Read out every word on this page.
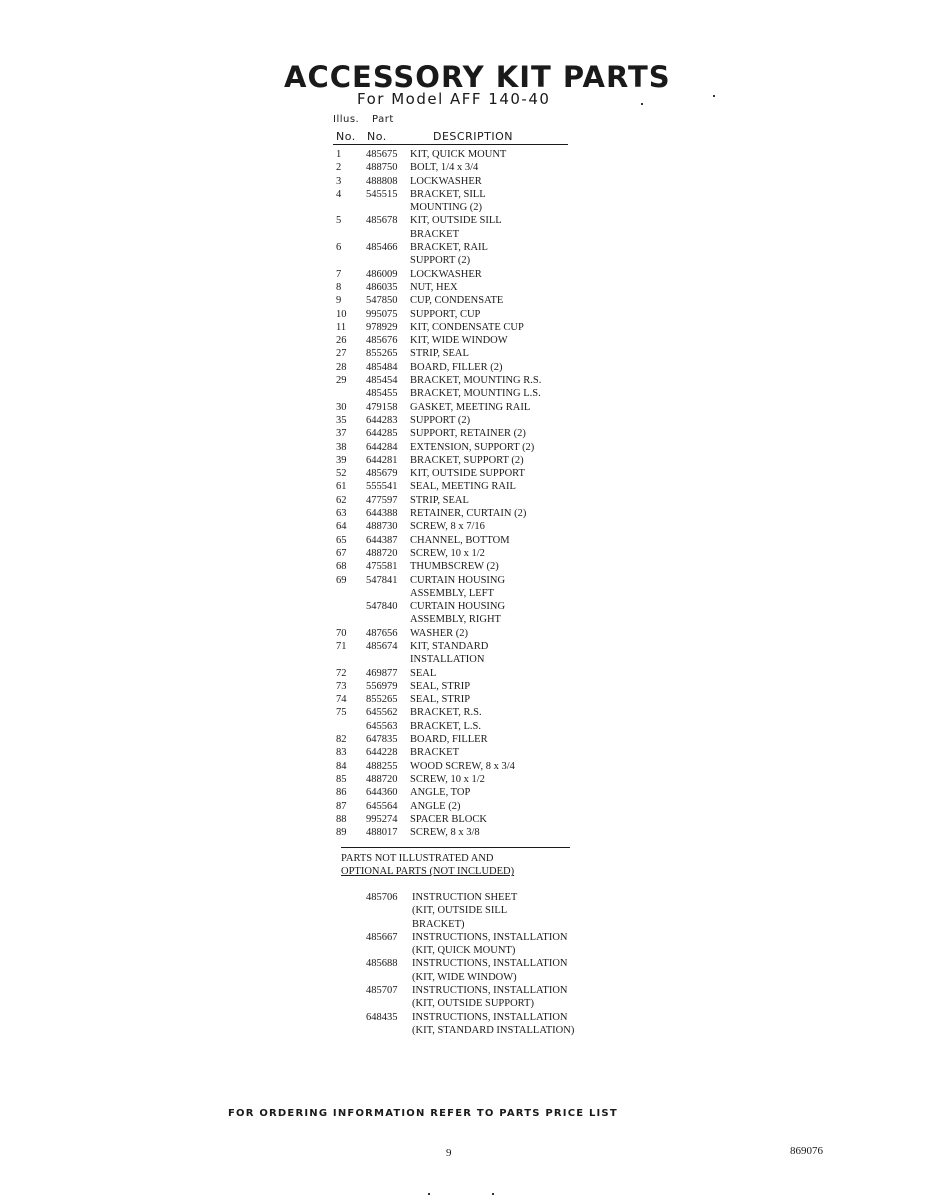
ACCESSORY KIT PARTS
For Model AFF 140-40
Illus. Part
No. No.	DESCRIPTION
1	485675	KIT, QUICK MOUNT
2	488750	BOLT, 1/4 x 3/4
3	488808	LOCKWASHER
4	545515	BRACKET, SILL
MOUNTING (2)
5	485678	KIT, OUTSIDE SILL
BRACKET
6	485466	BRACKET, RAIL
SUPPORT (2)
7	486009	LOCKWASHER
8	486035	NUT, HEX
9	547850	CUP, CONDENSATE
10	995075	SUPPORT, CUP
11	978929	KIT, CONDENSATE CUP
26	485676	KIT, WIDE WINDOW
27	855265	STRIP, SEAL
28	485484	BOARD, FILLER (2)
29	485454	BRACKET, MOUNTING R.S.
485455	BRACKET, MOUNTING L.S.
30	479158	GASKET, MEETING RAIL
35	644283	SUPPORT (2)
37	644285	SUPPORT, RETAINER (2)
38	644284	EXTENSION, SUPPORT (2)
39	644281	BRACKET, SUPPORT (2)
52	485679	KIT, OUTSIDE SUPPORT
61	555541	SEAL, MEETING RAIL
62	477597	STRIP, SEAL
63	644388	RETAINER, CURTAIN (2)
64	488730	SCREW, 8 x 7/16
65	644387	CHANNEL, BOTTOM
67	488720	SCREW, 10 x 1/2
68	475581	THUMBSCREW (2)
69	547841	CURTAIN HOUSING
ASSEMBLY, LEFT
547840	CURTAIN HOUSING
ASSEMBLY, RIGHT
70	487656	WASHER (2)
71	485674	KIT, STANDARD
INSTALLATION
72	469877	SEAL
73	556979	SEAL, STRIP
74	855265	SEAL, STRIP
75	645562	BRACKET, R.S.
645563	BRACKET, L.S.
82	647835	BOARD, FILLER
83	644228	BRACKET
84	488255	WOOD SCREW, 8 x 3/4
85	488720	SCREW, 10 x 1/2
86	644360	ANGLE, TOP
87	645564	ANGLE (2)
88	995274	SPACER BLOCK
89	488017	SCREW, 8 x 3/8
PARTS NOT ILLUSTRATED AND
OPTIONAL PARTS (NOT INCLUDED)
485706	INSTRUCTION SHEET
(KIT, OUTSIDE SILL
BRACKET)
485667	INSTRUCTIONS, INSTALLATION
(KIT, QUICK MOUNT)
485688	INSTRUCTIONS, INSTALLATION
(KIT, WIDE WINDOW)
485707	INSTRUCTIONS, INSTALLATION
(KIT, OUTSIDE SUPPORT)
648435	INSTRUCTIONS, INSTALLATION
(KIT, STANDARD INSTALLATION)
FOR ORDERING INFORMATION REFER TO PARTS PRICE LIST
9	869076
